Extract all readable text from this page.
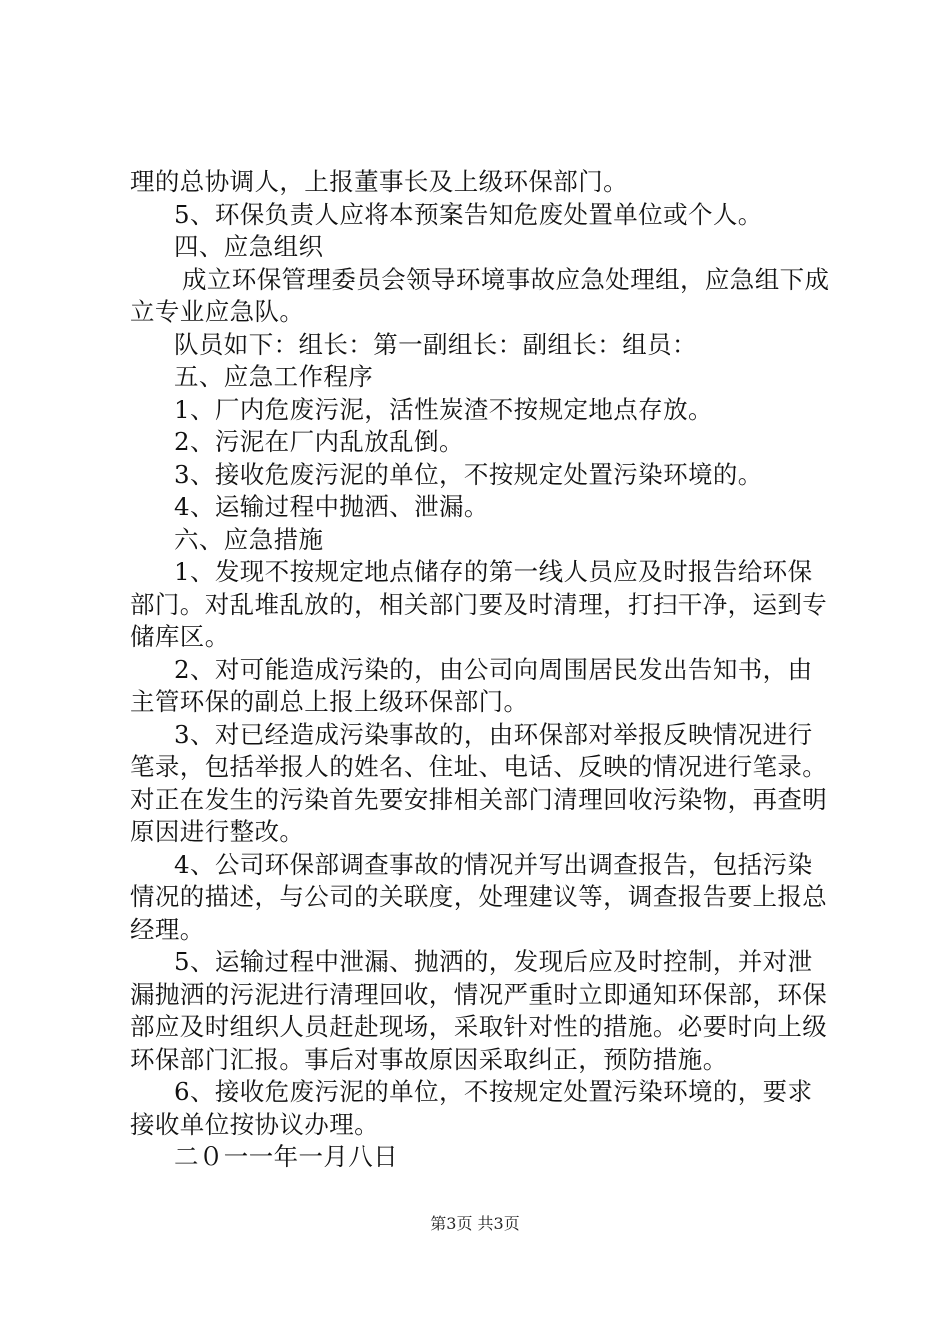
理的总协调人，上报董事长及上级环保部门。

5、环保负责人应将本预案告知危废处置单位或个人。

四、应急组织

成立环保管理委员会领导环境事故应急处理组，应急组下成立专业应急队。

队员如下：组长：第一副组长：副组长：组员：

五、应急工作程序

1、厂内危废污泥，活性炭渣不按规定地点存放。

2、污泥在厂内乱放乱倒。

3、接收危废污泥的单位，不按规定处置污染环境的。

4、运输过程中抛洒、泄漏。

六、应急措施

1、发现不按规定地点储存的第一线人员应及时报告给环保部门。对乱堆乱放的，相关部门要及时清理，打扫干净，运到专储库区。

2、对可能造成污染的，由公司向周围居民发出告知书，由主管环保的副总上报上级环保部门。

3、对已经造成污染事故的，由环保部对举报反映情况进行笔录，包括举报人的姓名、住址、电话、反映的情况进行笔录。对正在发生的污染首先要安排相关部门清理回收污染物，再查明原因进行整改。

4、公司环保部调查事故的情况并写出调查报告，包括污染情况的描述，与公司的关联度，处理建议等，调查报告要上报总经理。

5、运输过程中泄漏、抛洒的，发现后应及时控制，并对泄漏抛洒的污泥进行清理回收，情况严重时立即通知环保部，环保部应及时组织人员赶赴现场，采取针对性的措施。必要时向上级环保部门汇报。事后对事故原因采取纠正，预防措施。

6、接收危废污泥的单位，不按规定处置污染环境的，要求接收单位按协议办理。

二０一一年一月八日

第3页 共3页
